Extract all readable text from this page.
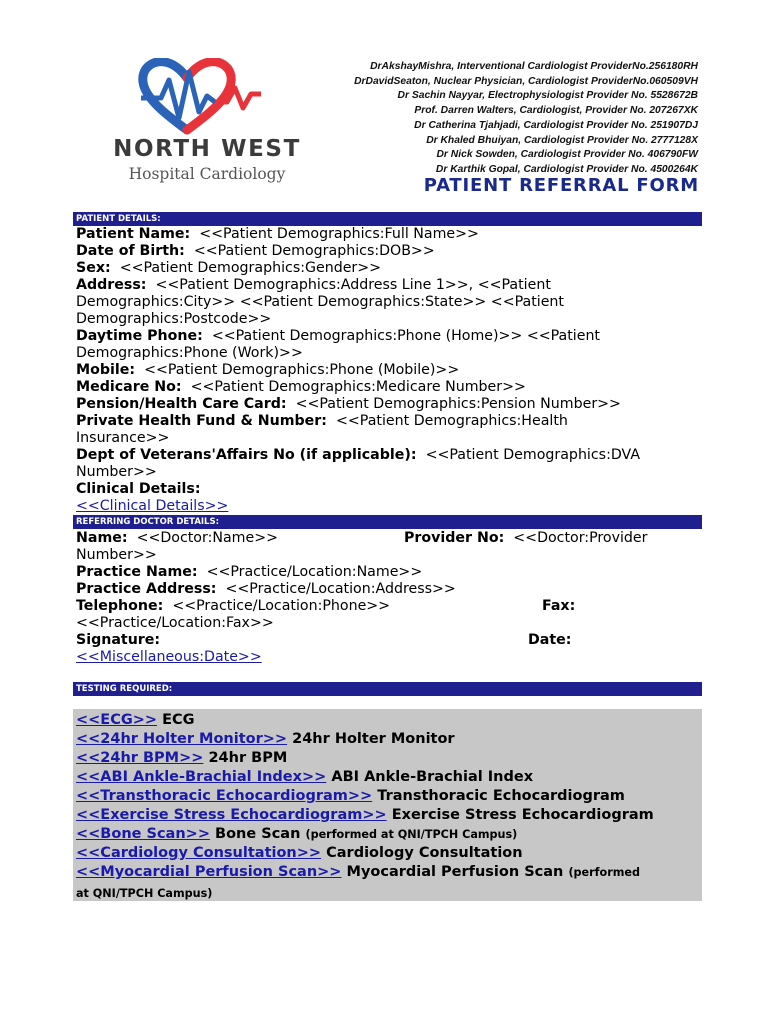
NORTH WEST
Hospital Cardiology
DrAkshayMishra, Interventional Cardiologist ProviderNo.256180RH
DrDavidSeaton, Nuclear Physician, Cardiologist ProviderNo.060509VH
Dr Sachin Nayyar, Electrophysiologist Provider No. 5528672B
Prof. Darren Walters, Cardiologist, Provider No. 207267XK
Dr Catherina Tjahjadi, Cardiologist Provider No. 251907DJ
Dr Khaled Bhuiyan, Cardiologist Provider No. 2777128X
Dr Nick Sowden, Cardiologist Provider No. 406790FW
Dr Karthik Gopal, Cardiologist Provider No. 4500264K
PATIENT REFERRAL FORM
PATIENT DETAILS:
Patient Name: <<Patient Demographics:Full Name>>
Date of Birth: <<Patient Demographics:DOB>>
Sex: <<Patient Demographics:Gender>>
Address: <<Patient Demographics:Address Line 1>>, <<Patient
Demographics:City>> <<Patient Demographics:State>> <<Patient
Demographics:Postcode>>
Daytime Phone: <<Patient Demographics:Phone (Home)>> <<Patient
Demographics:Phone (Work)>>
Mobile: <<Patient Demographics:Phone (Mobile)>>
Medicare No: <<Patient Demographics:Medicare Number>>
Pension/Health Care Card: <<Patient Demographics:Pension Number>>
Private Health Fund & Number: <<Patient Demographics:Health
Insurance>>
Dept of Veterans'Affairs No (if applicable): <<Patient Demographics:DVA
Number>>
Clinical Details:
<<Clinical Details>>
REFERRING DOCTOR DETAILS:
Name: <<Doctor:Name>>	Provider No: <<Doctor:Provider
Number>>
Practice Name: <<Practice/Location:Name>>
Practice Address: <<Practice/Location:Address>>
Telephone: <<Practice/Location:Phone>>	Fax:
<<Practice/Location:Fax>>
Signature:	Date:
<<Miscellaneous:Date>>
TESTING REQUIRED:
<<ECG>> ECG
<<24hr Holter Monitor>> 24hr Holter Monitor
<<24hr BPM>> 24hr BPM
<<ABI Ankle-Brachial Index>> ABI Ankle-Brachial Index
<<Transthoracic Echocardiogram>> Transthoracic Echocardiogram
<<Exercise Stress Echocardiogram>> Exercise Stress Echocardiogram
<<Bone Scan>> Bone Scan (performed at QNI/TPCH Campus)
<<Cardiology Consultation>> Cardiology Consultation
<<Myocardial Perfusion Scan>> Myocardial Perfusion Scan (performed
at QNI/TPCH Campus)
